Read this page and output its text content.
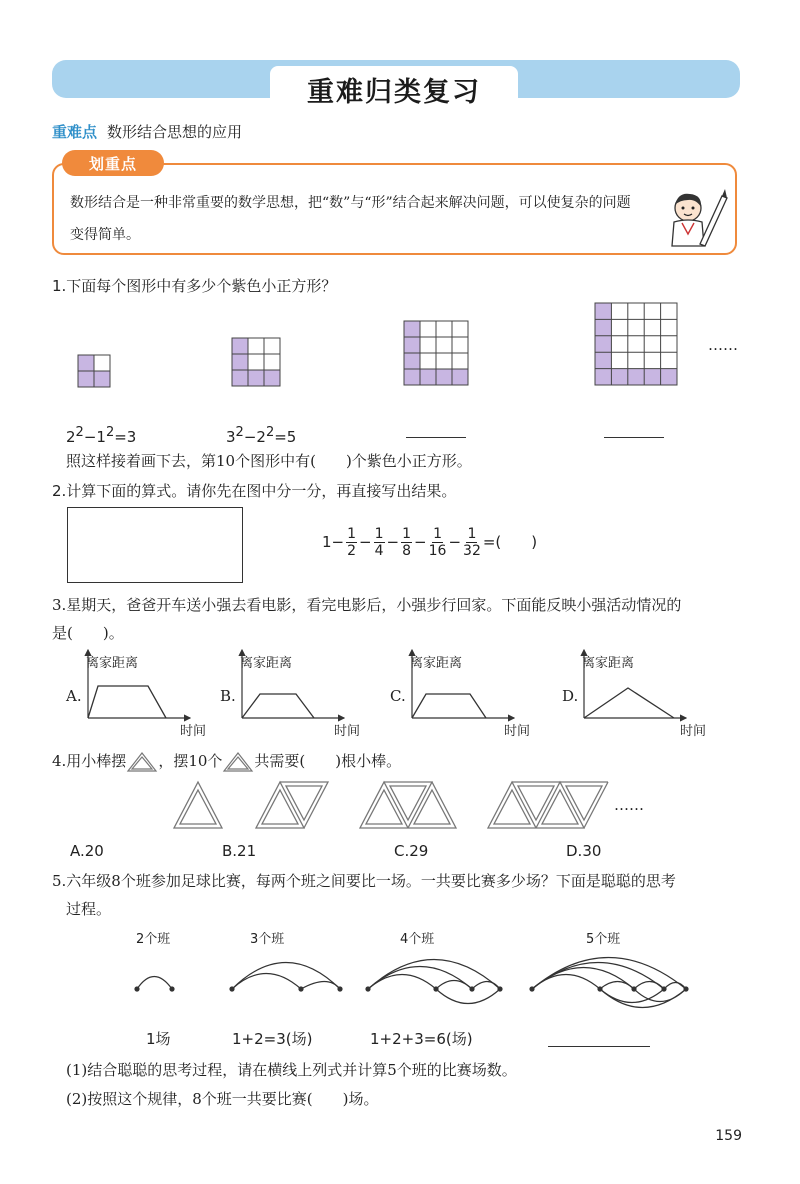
重难归类复习
重难点 数形结合思想的应用
划重点
数形结合是一种非常重要的数学思想，把“数”与“形”结合起来解决问题，可以使复杂的问题
变得简单。
1.下面每个图形中有多少个紫色小正方形？
……
$2^2-1^2=3$	$3^2-2^2=5$
照这样接着画下去，第10个图形中有(　　)个紫色小正方形。
2.计算下面的算式。请你先在图中分一分，再直接写出结果。
$1- \frac{1}{2} - \frac{1}{4} - \frac{1}{8} - \frac{1}{16} - \frac{1}{32}$ =(　　)
3.星期天，爸爸开车送小强去看电影，看完电影后，小强步行回家。下面能反映小强活动情况的
是(　　)。
离家距离	离家距离	离家距离	离家距离
A.	B.	C.	D.
时间	时间	时间	时间
4.用小棒摆 ，摆10个 共需要(　　)根小棒。
……
A.20	B.21	C.29	D.30
5.六年级8个班参加足球比赛，每两个班之间要比一场。一共要比赛多少场？下面是聪聪的思考
过程。
2个班	3个班	4个班	5个班
1场	1+2=3(场)	1+2+3=6(场)
(1)结合聪聪的思考过程，请在横线上列式并计算5个班的比赛场数。
(2)按照这个规律，8个班一共要比赛(　　)场。
159
